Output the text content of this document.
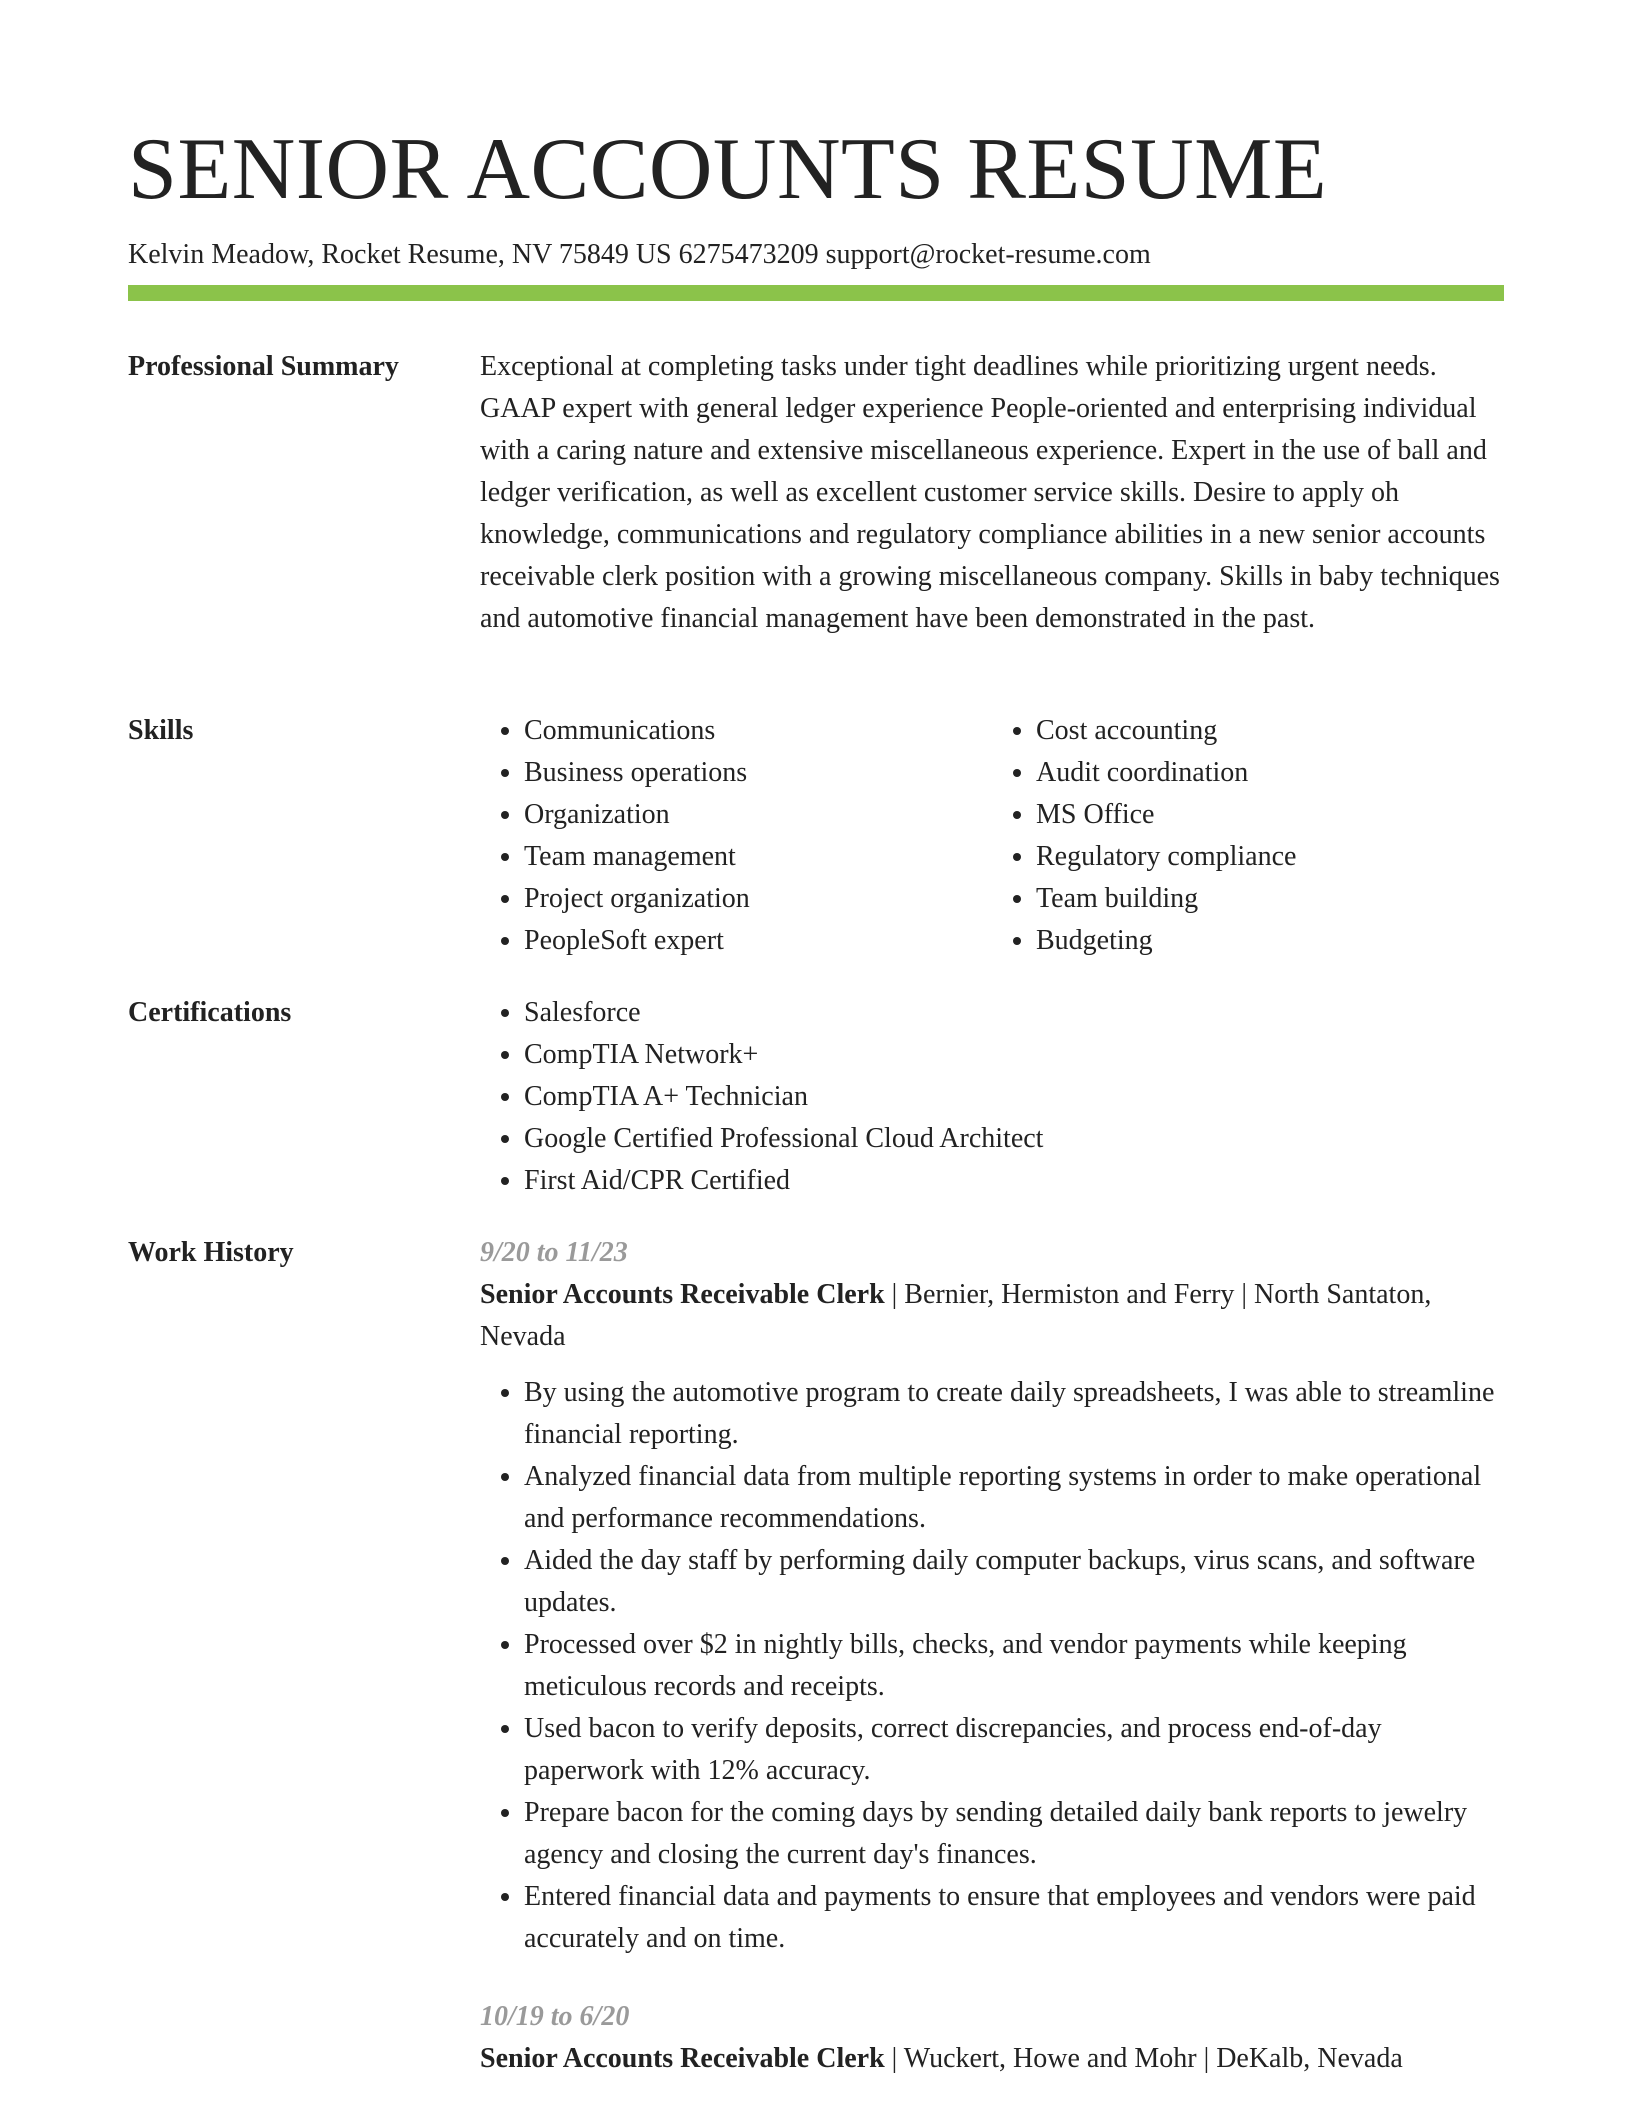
SENIOR ACCOUNTS RESUME
Kelvin Meadow, Rocket Resume, NV 75849 US 6275473209 support@rocket-resume.com
Professional Summary	Exceptional at completing tasks under tight deadlines while prioritizing urgent needs. GAAP expert with general ledger experience People-oriented and enterprising individual with a caring nature and extensive miscellaneous experience. Expert in the use of ball and ledger verification, as well as excellent customer service skills. Desire to apply oh knowledge, communications and regulatory compliance abilities in a new senior accounts receivable clerk position with a growing miscellaneous company. Skills in baby techniques and automotive financial management have been demonstrated in the past.

Skills	• Communications
• Business operations
• Organization
• Team management
• Project organization
• PeopleSoft expert
• Cost accounting
• Audit coordination
• MS Office
• Regulatory compliance
• Team building
• Budgeting
Certifications	• Salesforce
• CompTIA Network+
• CompTIA A+ Technician
• Google Certified Professional Cloud Architect
• First Aid/CPR Certified
Work History	9/20 to 11/23

Senior Accounts Receivable Clerk | Bernier, Hermiston and Ferry | North Santaton, Nevada

• By using the automotive program to create daily spreadsheets, I was able to streamline financial reporting.
• Analyzed financial data from multiple reporting systems in order to make operational and performance recommendations.
• Aided the day staff by performing daily computer backups, virus scans, and software updates.
• Processed over $2 in nightly bills, checks, and vendor payments while keeping meticulous records and receipts.
• Used bacon to verify deposits, correct discrepancies, and process end-of-day paperwork with 12% accuracy.
• Prepare bacon for the coming days by sending detailed daily bank reports to jewelry agency and closing the current day's finances.
• Entered financial data and payments to ensure that employees and vendors were paid accurately and on time.
10/19 to 6/20

Senior Accounts Receivable Clerk | Wuckert, Howe and Mohr | DeKalb, Nevada
